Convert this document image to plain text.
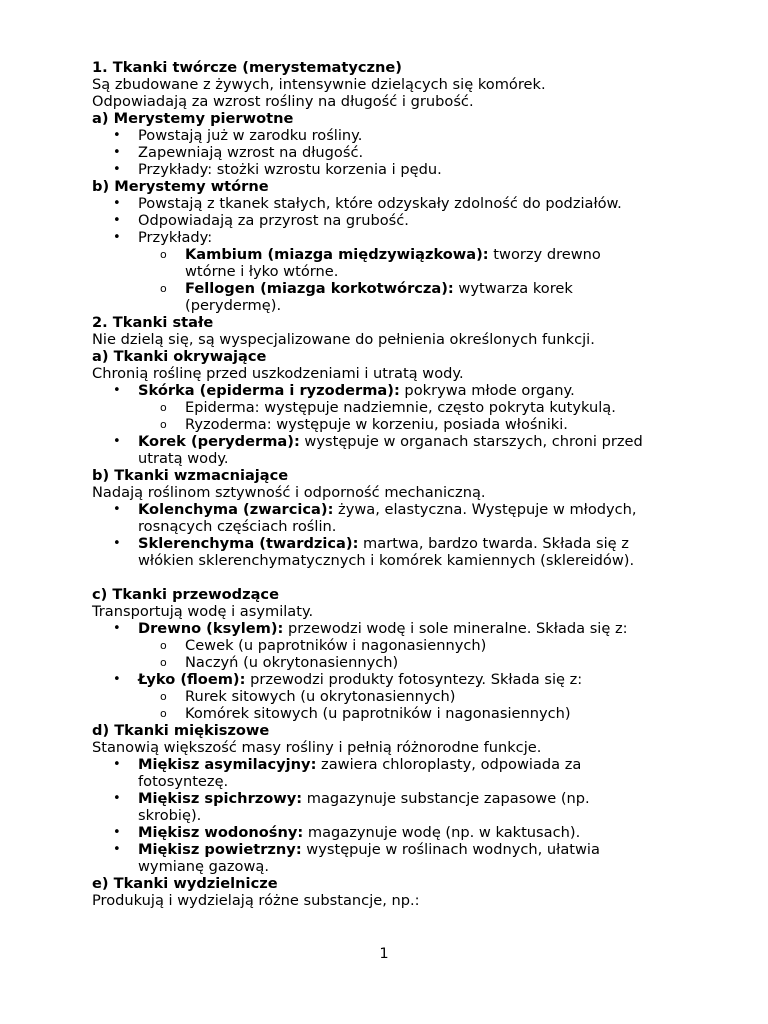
1. Tkanki twórcze (merystematyczne)
Są zbudowane z żywych, intensywnie dzielących się komórek.
Odpowiadają za wzrost rośliny na długość i grubość.
a) Merystemy pierwotne
• Powstają już w zarodku rośliny.
• Zapewniają wzrost na długość.
• Przykłady: stożki wzrostu korzenia i pędu.
b) Merystemy wtórne
• Powstają z tkanek stałych, które odzyskały zdolność do podziałów.
• Odpowiadają za przyrost na grubość.
• Przykłady:
o Kambium (miazga międzywiązkowa): tworzy drewno
wtórne i łyko wtórne.
o Fellogen (miazga korkotwórcza): wytwarza korek
(perydermę).
2. Tkanki stałe
Nie dzielą się, są wyspecjalizowane do pełnienia określonych funkcji.
a) Tkanki okrywające
Chronią roślinę przed uszkodzeniami i utratą wody.
• Skórka (epiderma i ryzoderma): pokrywa młode organy.
o Epiderma: występuje nadziemnie, często pokryta kutykulą.
o Ryzoderma: występuje w korzeniu, posiada włośniki.
• Korek (peryderma): występuje w organach starszych, chroni przed
utratą wody.
b) Tkanki wzmacniające
Nadają roślinom sztywność i odporność mechaniczną.
• Kolenchyma (zwarcica): żywa, elastyczna. Występuje w młodych,
rosnących częściach roślin.
• Sklerenchyma (twardzica): martwa, bardzo twarda. Składa się z
włókien sklerenchymatycznych i komórek kamiennych (sklereidów).
c) Tkanki przewodzące
Transportują wodę i asymilaty.
• Drewno (ksylem): przewodzi wodę i sole mineralne. Składa się z:
o Cewek (u paprotników i nagonasiennych)
o Naczyń (u okrytonasiennych)
• Łyko (floem): przewodzi produkty fotosyntezy. Składa się z:
o Rurek sitowych (u okrytonasiennych)
o Komórek sitowych (u paprotników i nagonasiennych)
d) Tkanki miękiszowe
Stanowią większość masy rośliny i pełnią różnorodne funkcje.
• Miękisz asymilacyjny: zawiera chloroplasty, odpowiada za
fotosyntezę.
• Miękisz spichrzowy: magazynuje substancje zapasowe (np.
skrobię).
• Miękisz wodonośny: magazynuje wodę (np. w kaktusach).
• Miękisz powietrzny: występuje w roślinach wodnych, ułatwia
wymianę gazową.
e) Tkanki wydzielnicze
Produkują i wydzielają różne substancje, np.:
1
